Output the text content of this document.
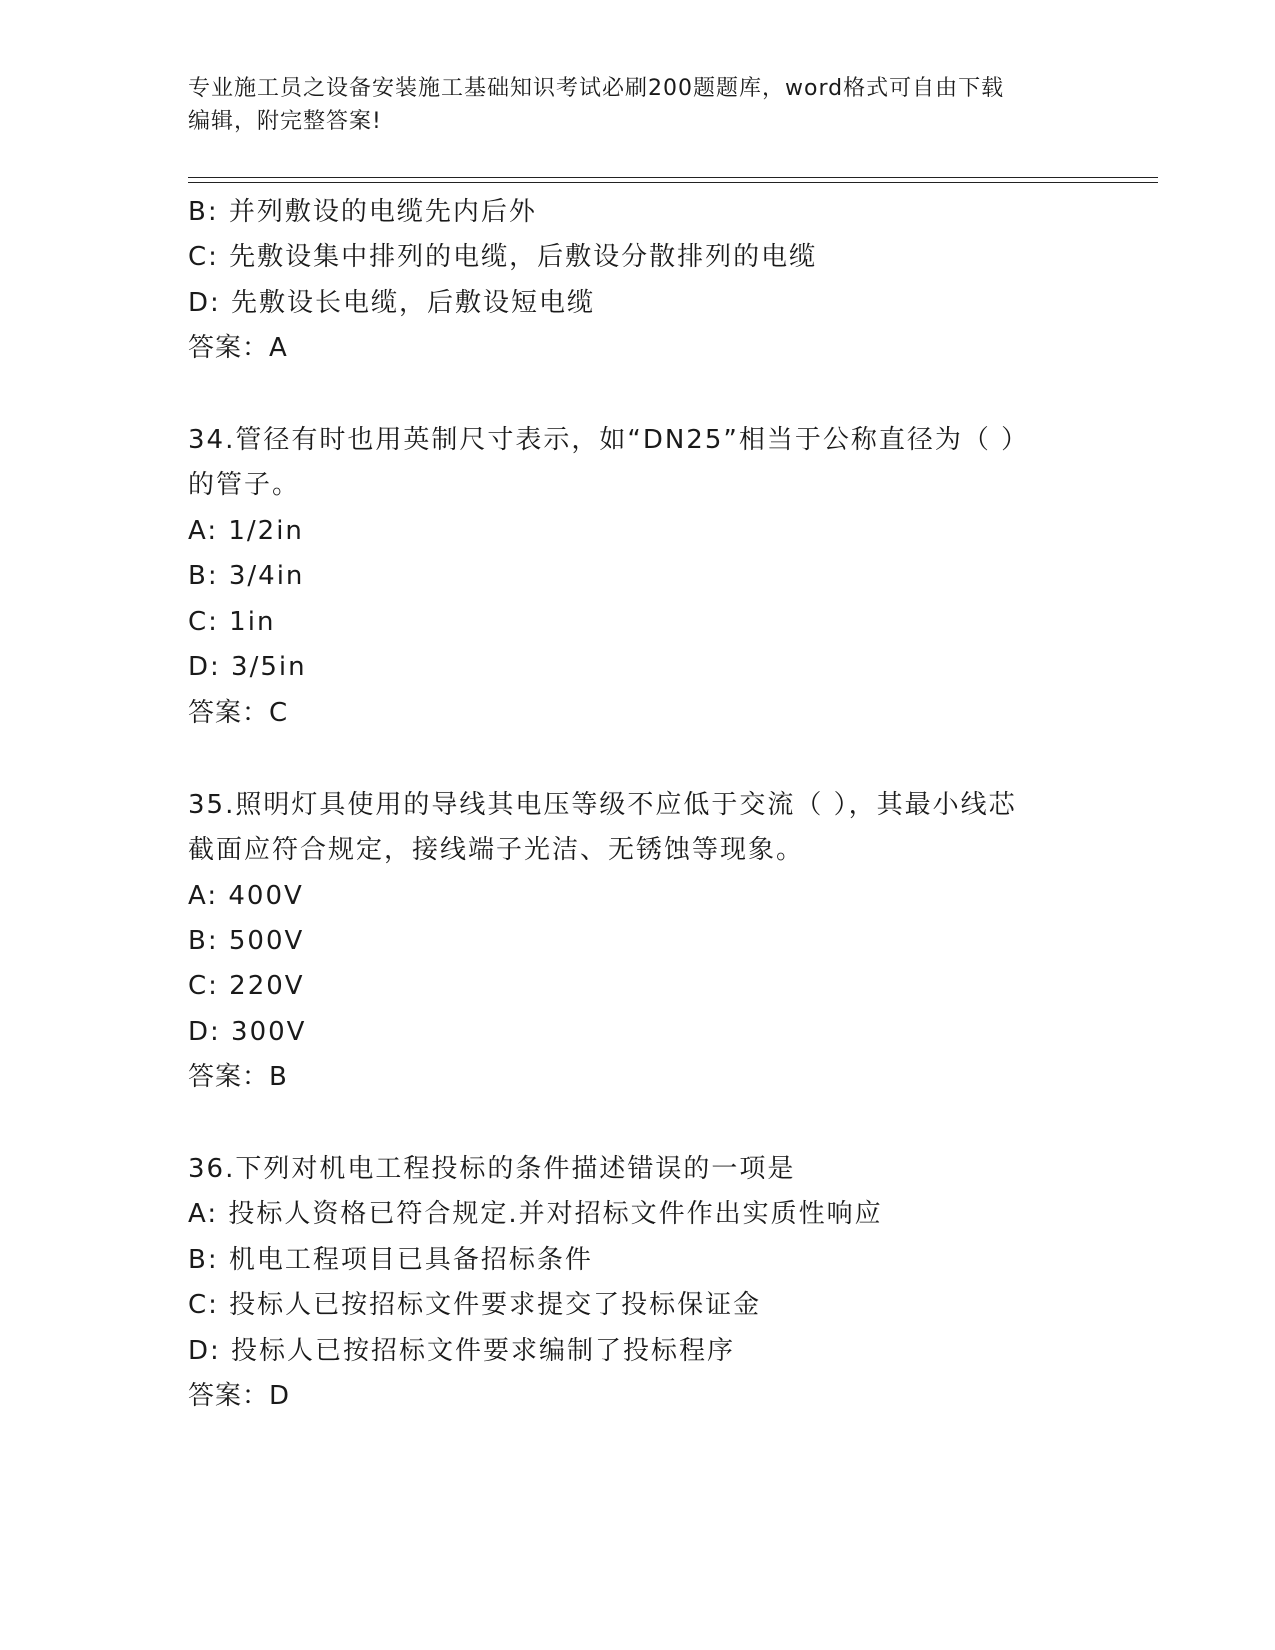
专业施工员之设备安装施工基础知识考试必刷200题题库，word格式可自由下载
编辑，附完整答案!
B: 并列敷设的电缆先内后外
C: 先敷设集中排列的电缆，后敷设分散排列的电缆
D: 先敷设长电缆，后敷设短电缆
答案：A
34.管径有时也用英制尺寸表示，如“DN25”相当于公称直径为（ ）
的管子。
A: 1/2in
B: 3/4in
C: 1in
D: 3/5in
答案：C
35.照明灯具使用的导线其电压等级不应低于交流（ ），其最小线芯
截面应符合规定，接线端子光洁、无锈蚀等现象。
A: 400V
B: 500V
C: 220V
D: 300V
答案：B
36.下列对机电工程投标的条件描述错误的一项是
A: 投标人资格已符合规定.并对招标文件作出实质性响应
B: 机电工程项目已具备招标条件
C: 投标人已按招标文件要求提交了投标保证金
D: 投标人已按招标文件要求编制了投标程序
答案：D
